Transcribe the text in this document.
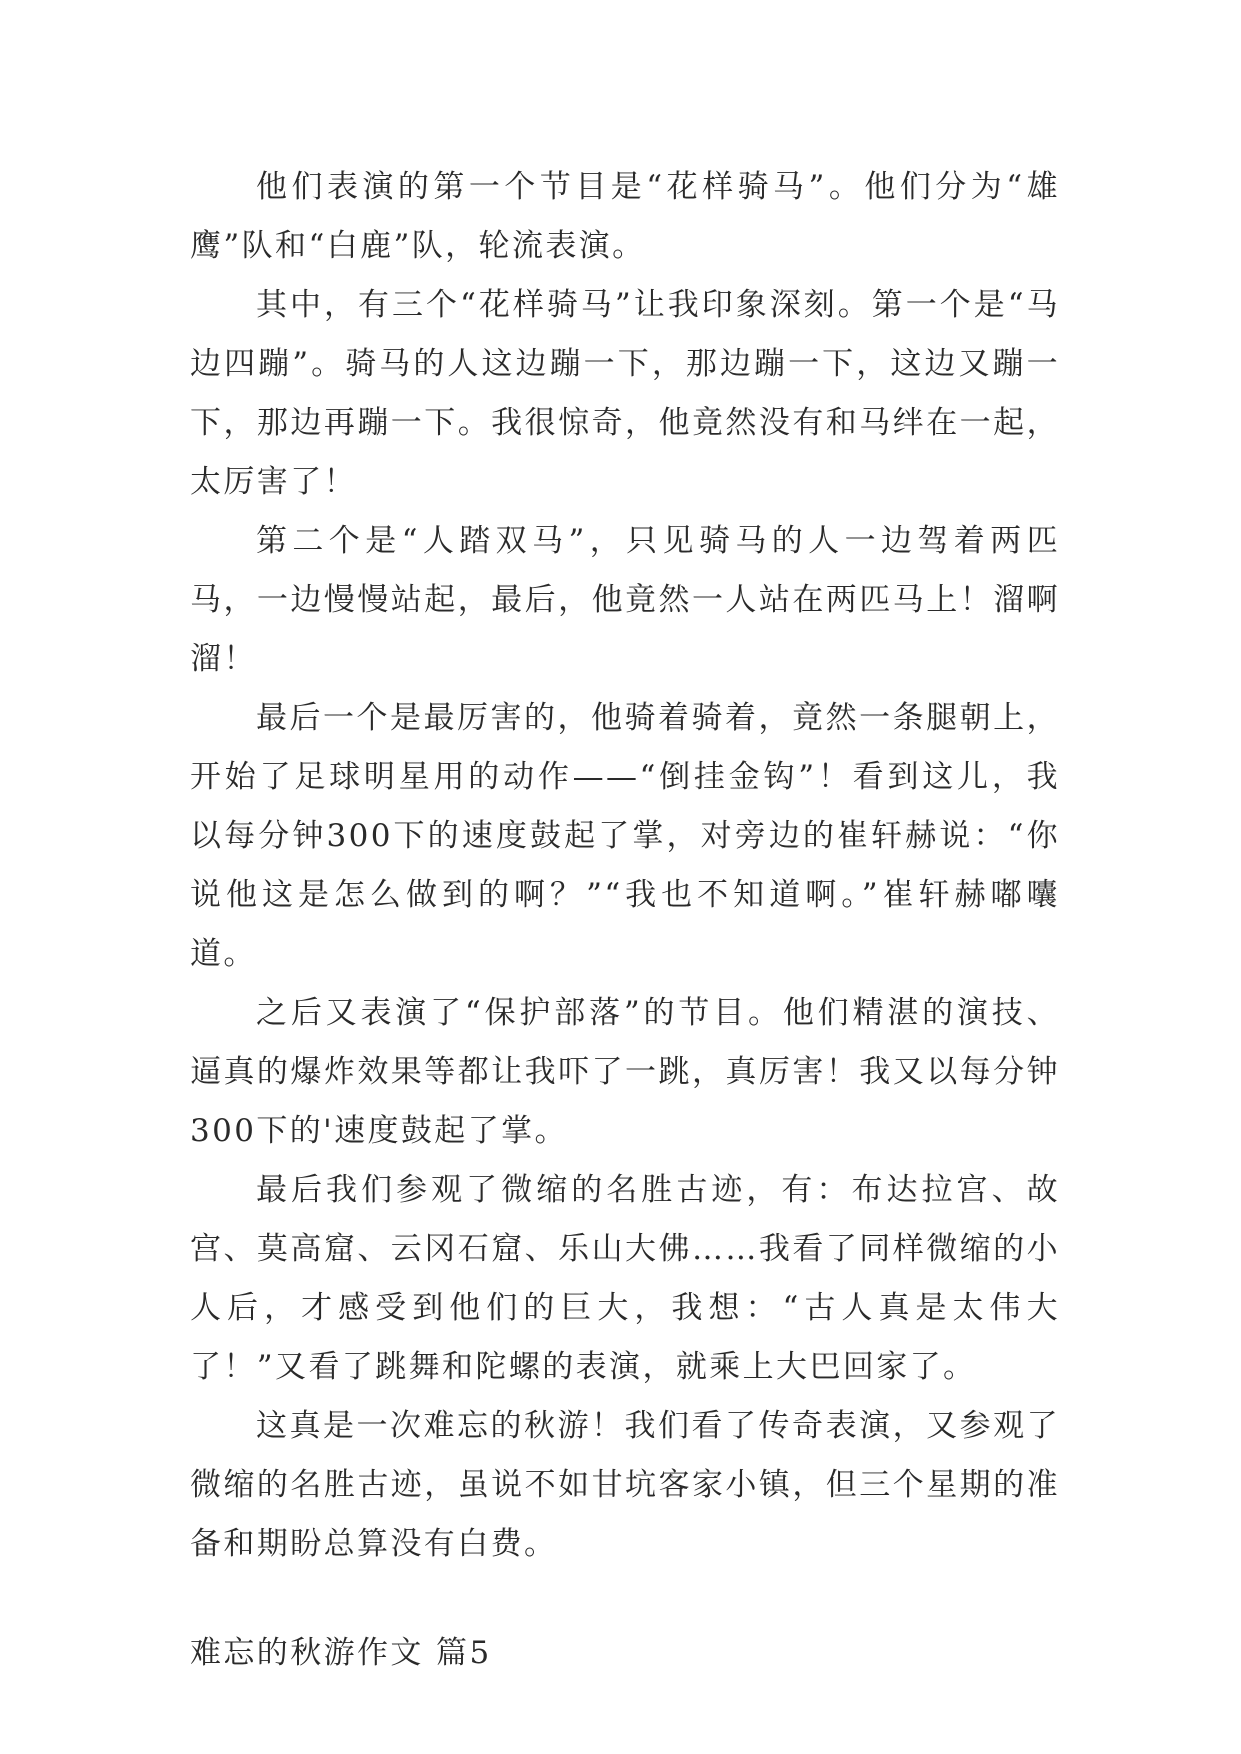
他们表演的第一个节目是“花样骑马”。他们分为“雄鹰”队和“白鹿”队，轮流表演。

其中，有三个“花样骑马”让我印象深刻。第一个是“马边四蹦”。骑马的人这边蹦一下，那边蹦一下，这边又蹦一下，那边再蹦一下。我很惊奇，他竟然没有和马绊在一起，太厉害了！

第二个是“人踏双马”，只见骑马的人一边驾着两匹马，一边慢慢站起，最后，他竟然一人站在两匹马上！溜啊溜！

最后一个是最厉害的，他骑着骑着，竟然一条腿朝上，开始了足球明星用的动作——“倒挂金钩”！看到这儿，我以每分钟300下的速度鼓起了掌，对旁边的崔轩赫说：“你说他这是怎么做到的啊？”“我也不知道啊。”崔轩赫嘟囔道。

之后又表演了“保护部落”的节目。他们精湛的演技、逼真的爆炸效果等都让我吓了一跳，真厉害！我又以每分钟300下的'速度鼓起了掌。

最后我们参观了微缩的名胜古迹，有：布达拉宫、故宫、莫高窟、云冈石窟、乐山大佛……我看了同样微缩的小人后，才感受到他们的巨大，我想：“古人真是太伟大了！”又看了跳舞和陀螺的表演，就乘上大巴回家了。

这真是一次难忘的秋游！我们看了传奇表演，又参观了微缩的名胜古迹，虽说不如甘坑客家小镇，但三个星期的准备和期盼总算没有白费。

难忘的秋游作文 篇5
